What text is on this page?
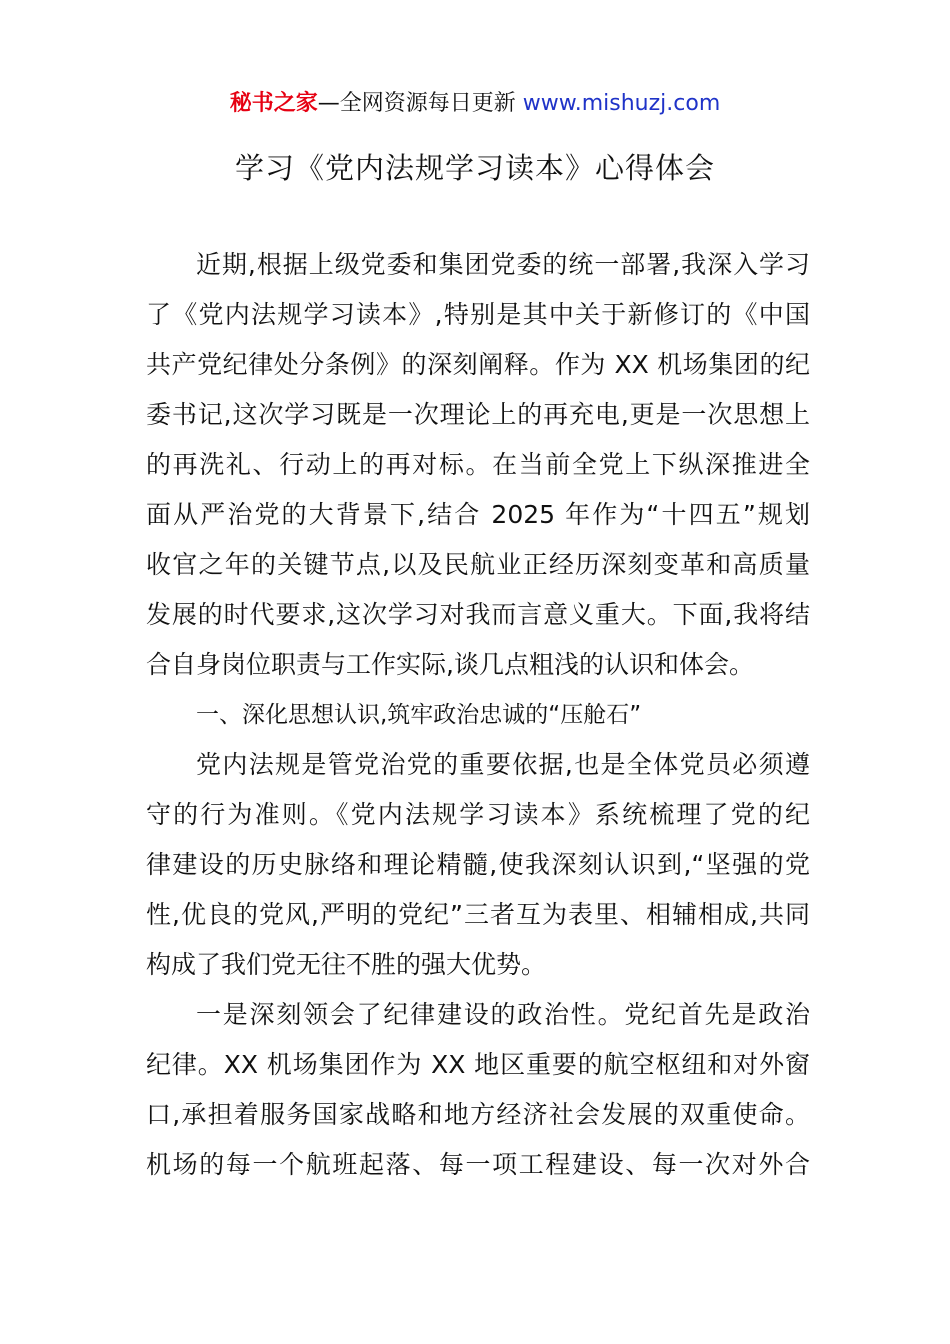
秘书之家—全网资源每日更新 www.mishuzj.com
学习《党内法规学习读本》心得体会
近期,根据上级党委和集团党委的统一部署,我深入学习
了《党内法规学习读本》,特别是其中关于新修订的《中国
共产党纪律处分条例》的深刻阐释。作为 XX 机场集团的纪
委书记,这次学习既是一次理论上的再充电,更是一次思想上
的再洗礼、行动上的再对标。在当前全党上下纵深推进全
面从严治党的大背景下,结合 2025 年作为“十四五”规划
收官之年的关键节点,以及民航业正经历深刻变革和高质量
发展的时代要求,这次学习对我而言意义重大。下面,我将结
合自身岗位职责与工作实际,谈几点粗浅的认识和体会。
一、深化思想认识,筑牢政治忠诚的“压舱石”
党内法规是管党治党的重要依据,也是全体党员必须遵
守的行为准则。《党内法规学习读本》系统梳理了党的纪
律建设的历史脉络和理论精髓,使我深刻认识到,“坚强的党
性,优良的党风,严明的党纪”三者互为表里、相辅相成,共同
构成了我们党无往不胜的强大优势。
一是深刻领会了纪律建设的政治性。党纪首先是政治
纪律。XX 机场集团作为 XX 地区重要的航空枢纽和对外窗
口,承担着服务国家战略和地方经济社会发展的双重使命。
机场的每一个航班起落、每一项工程建设、每一次对外合
